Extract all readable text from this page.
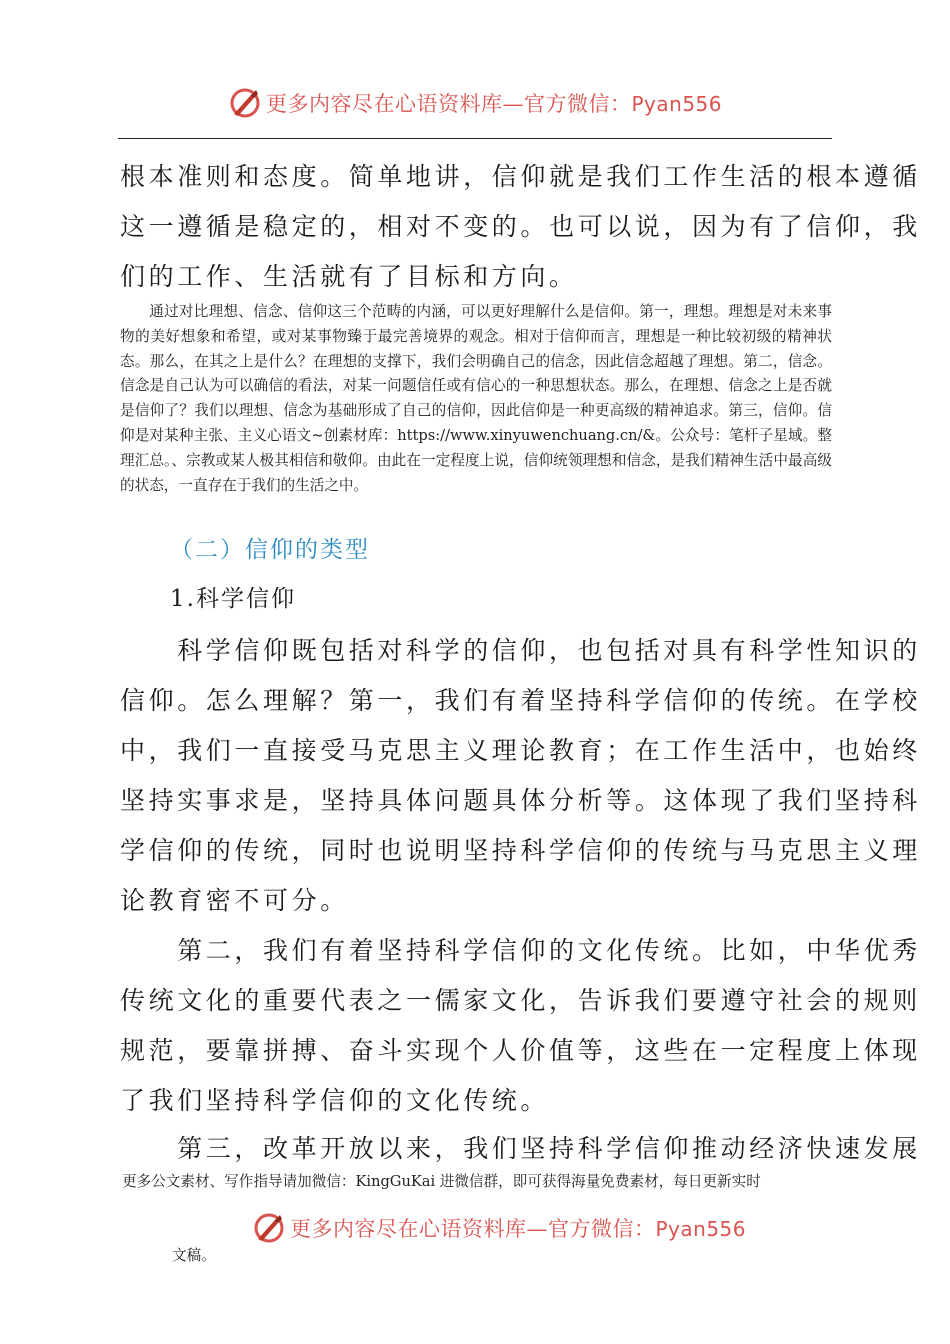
更多内容尽在心语资料库—官方微信：Pyan556

根本准则和态度。简单地讲，信仰就是我们工作生活的根本遵循

这一遵循是稳定的，相对不变的。也可以说，因为有了信仰，我

们的工作、生活就有了目标和方向。

通过对比理想、信念、信仰这三个范畴的内涵，可以更好理解什么是信仰。第一，理想。理想是对未来事物的美好想象和希望，或对某事物臻于最完善境界的观念。相对于信仰而言，理想是一种比较初级的精神状态。那么，在其之上是什么？在理想的支撑下，我们会明确自己的信念，因此信念超越了理想。第二，信念。信念是自己认为可以确信的看法，对某一问题信任或有信心的一种思想状态。那么，在理想、信念之上是否就是信仰了？我们以理想、信念为基础形成了自己的信仰，因此信仰是一种更高级的精神追求。第三，信仰。信仰是对某种主张、主义心语文~创素材库：https://www.xinyuwenchuang.cn/&。公众号：笔杆子星域。整理汇总。、宗教或某人极其相信和敬仰。由此在一定程度上说，信仰统领理想和信念，是我们精神生活中最高级的状态，一直存在于我们的生活之中。

（二）信仰的类型

1.科学信仰

　　科学信仰既包括对科学的信仰，也包括对具有科学性知识的

信仰。怎么理解？第一，我们有着坚持科学信仰的传统。在学校

中，我们一直接受马克思主义理论教育；在工作生活中，也始终

坚持实事求是，坚持具体问题具体分析等。这体现了我们坚持科

学信仰的传统，同时也说明坚持科学信仰的传统与马克思主义理

论教育密不可分。

　　第二，我们有着坚持科学信仰的文化传统。比如，中华优秀

传统文化的重要代表之一儒家文化，告诉我们要遵守社会的规则

规范，要靠拼搏、奋斗实现个人价值等，这些在一定程度上体现

了我们坚持科学信仰的文化传统。

　　第三，改革开放以来，我们坚持科学信仰推动经济快速发展

更多公文素材、写作指导请加微信：KingGuKai 进微信群，即可获得海量免费素材，每日更新实时

更多内容尽在心语资料库—官方微信：Pyan556

文稿。
